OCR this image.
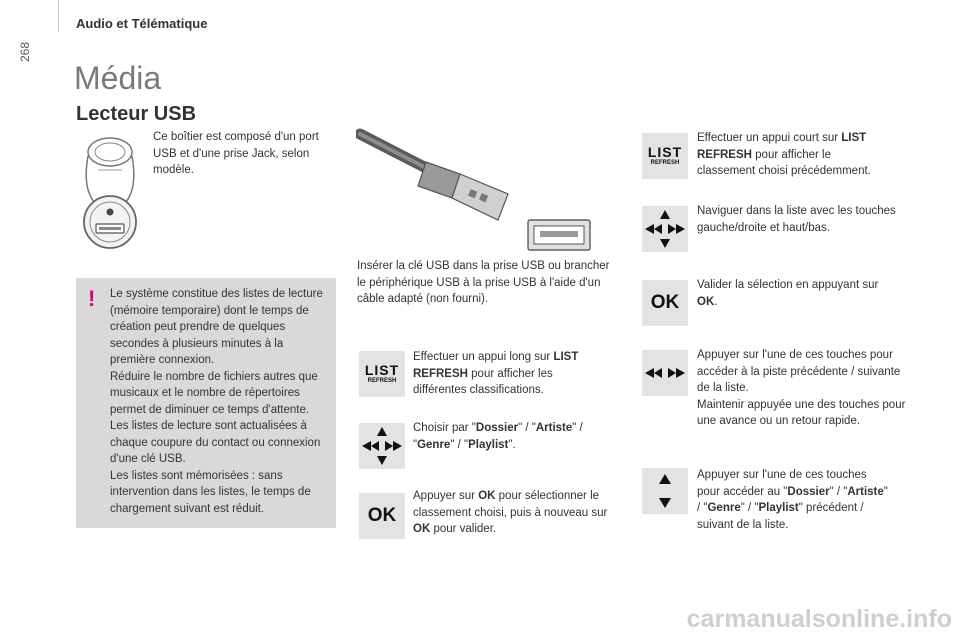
Audio et Télématique
268
Média
Lecteur USB
Ce boîtier est composé d'un port USB et d'une prise Jack, selon modèle.
! Le système constitue des listes de lecture (mémoire temporaire) dont le temps de création peut prendre de quelques secondes à plusieurs minutes à la première connexion.
Réduire le nombre de fichiers autres que musicaux et le nombre de répertoires permet de diminuer ce temps d'attente. Les listes de lecture sont actualisées à chaque coupure du contact ou connexion d'une clé USB.
Les listes sont mémorisées : sans intervention dans les listes, le temps de chargement suivant est réduit.
Insérer la clé USB dans la prise USB ou brancher le périphérique USB à la prise USB à l'aide d'un câble adapté (non fourni).
LIST
REFRESH
Effectuer un appui long sur LIST REFRESH pour afficher les différentes classifications.
Choisir par "Dossier" / "Artiste" / "Genre" / "Playlist".
OK
Appuyer sur OK pour sélectionner le classement choisi, puis à nouveau sur OK pour valider.
LIST
REFRESH
Effectuer un appui court sur LIST REFRESH pour afficher le classement choisi précédemment.
Naviguer dans la liste avec les touches gauche/droite et haut/bas.
OK
Valider la sélection en appuyant sur OK.
Appuyer sur l'une de ces touches pour accéder à la piste précédente / suivante de la liste.
Maintenir appuyée une des touches pour une avance ou un retour rapide.
Appuyer sur l'une de ces touches pour accéder au "Dossier" / "Artiste" / "Genre" / "Playlist" précédent / suivant de la liste.
carmanualsonline.info
